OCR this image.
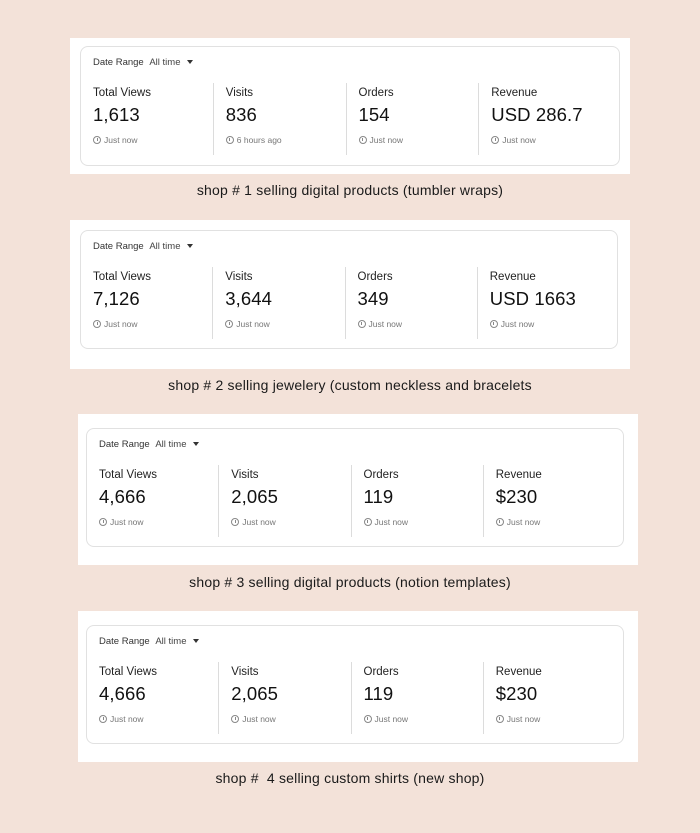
Date Range All time
Total Views
1,613
Just now
Visits
836
6 hours ago
Orders
154
Just now
Revenue
USD 286.7
Just now
shop # 1 selling digital products (tumbler wraps)
Date Range All time
Total Views
7,126
Just now
Visits
3,644
Just now
Orders
349
Just now
Revenue
USD 1663
Just now
shop # 2 selling jewelery (custom neckless and bracelets
Date Range All time
Total Views
4,666
Just now
Visits
2,065
Just now
Orders
119
Just now
Revenue
$230
Just now
shop # 3 selling digital products (notion templates)
Date Range All time
Total Views
4,666
Just now
Visits
2,065
Just now
Orders
119
Just now
Revenue
$230
Just now
shop #  4 selling custom shirts (new shop)
